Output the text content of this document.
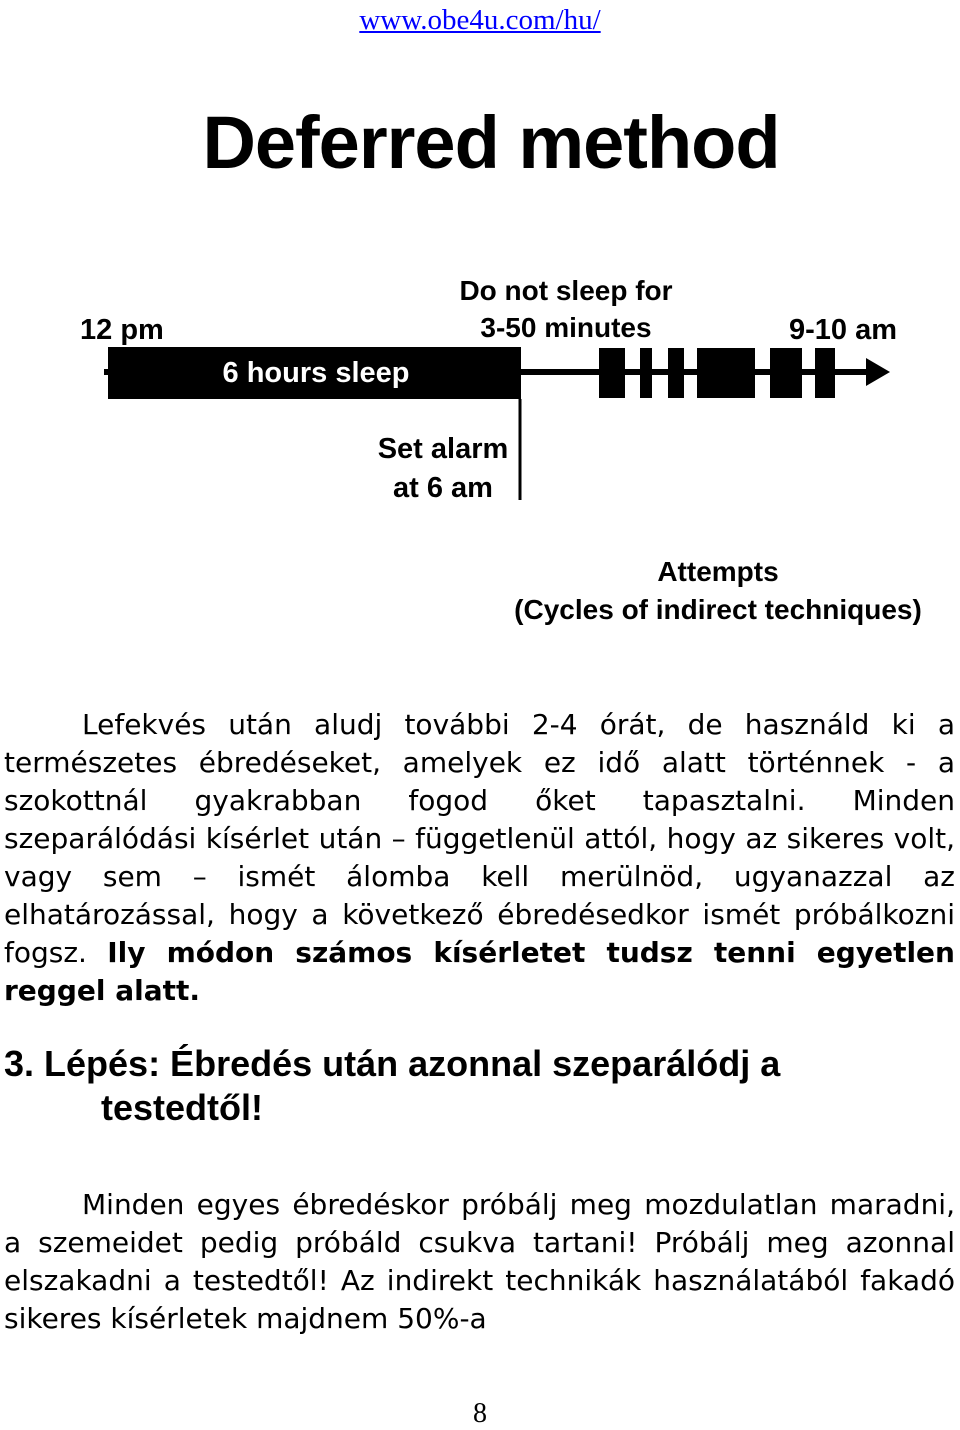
www.obe4u.com/hu/
Deferred method
12 pm
Do not sleep for
3-50 minutes	9-10 am
6 hours sleep
Set alarm
at 6 am
Attempts
(Cycles of indirect techniques)

Lefekvés után aludj további 2-4 órát, de használd ki a természetes ébredéseket, amelyek ez idő alatt történnek - a szokottnál gyakrabban fogod őket tapasztalni. Minden szeparálódási kísérlet után – függetlenül attól, hogy az sikeres volt, vagy sem – ismét álomba kell merülnöd, ugyanazzal az elhatározással, hogy a következő ébredésedkor ismét próbálkozni fogsz. Ily módon számos kísérletet tudsz tenni egyetlen reggel alatt.

3. Lépés: Ébredés után azonnal szeparálódj a
testedtől!

Minden egyes ébredéskor próbálj meg mozdulatlan maradni, a szemeidet pedig próbáld csukva tartani! Próbálj meg azonnal elszakadni a testedtől! Az indirekt technikák használatából fakadó sikeres kísérletek majdnem 50%-a

8
